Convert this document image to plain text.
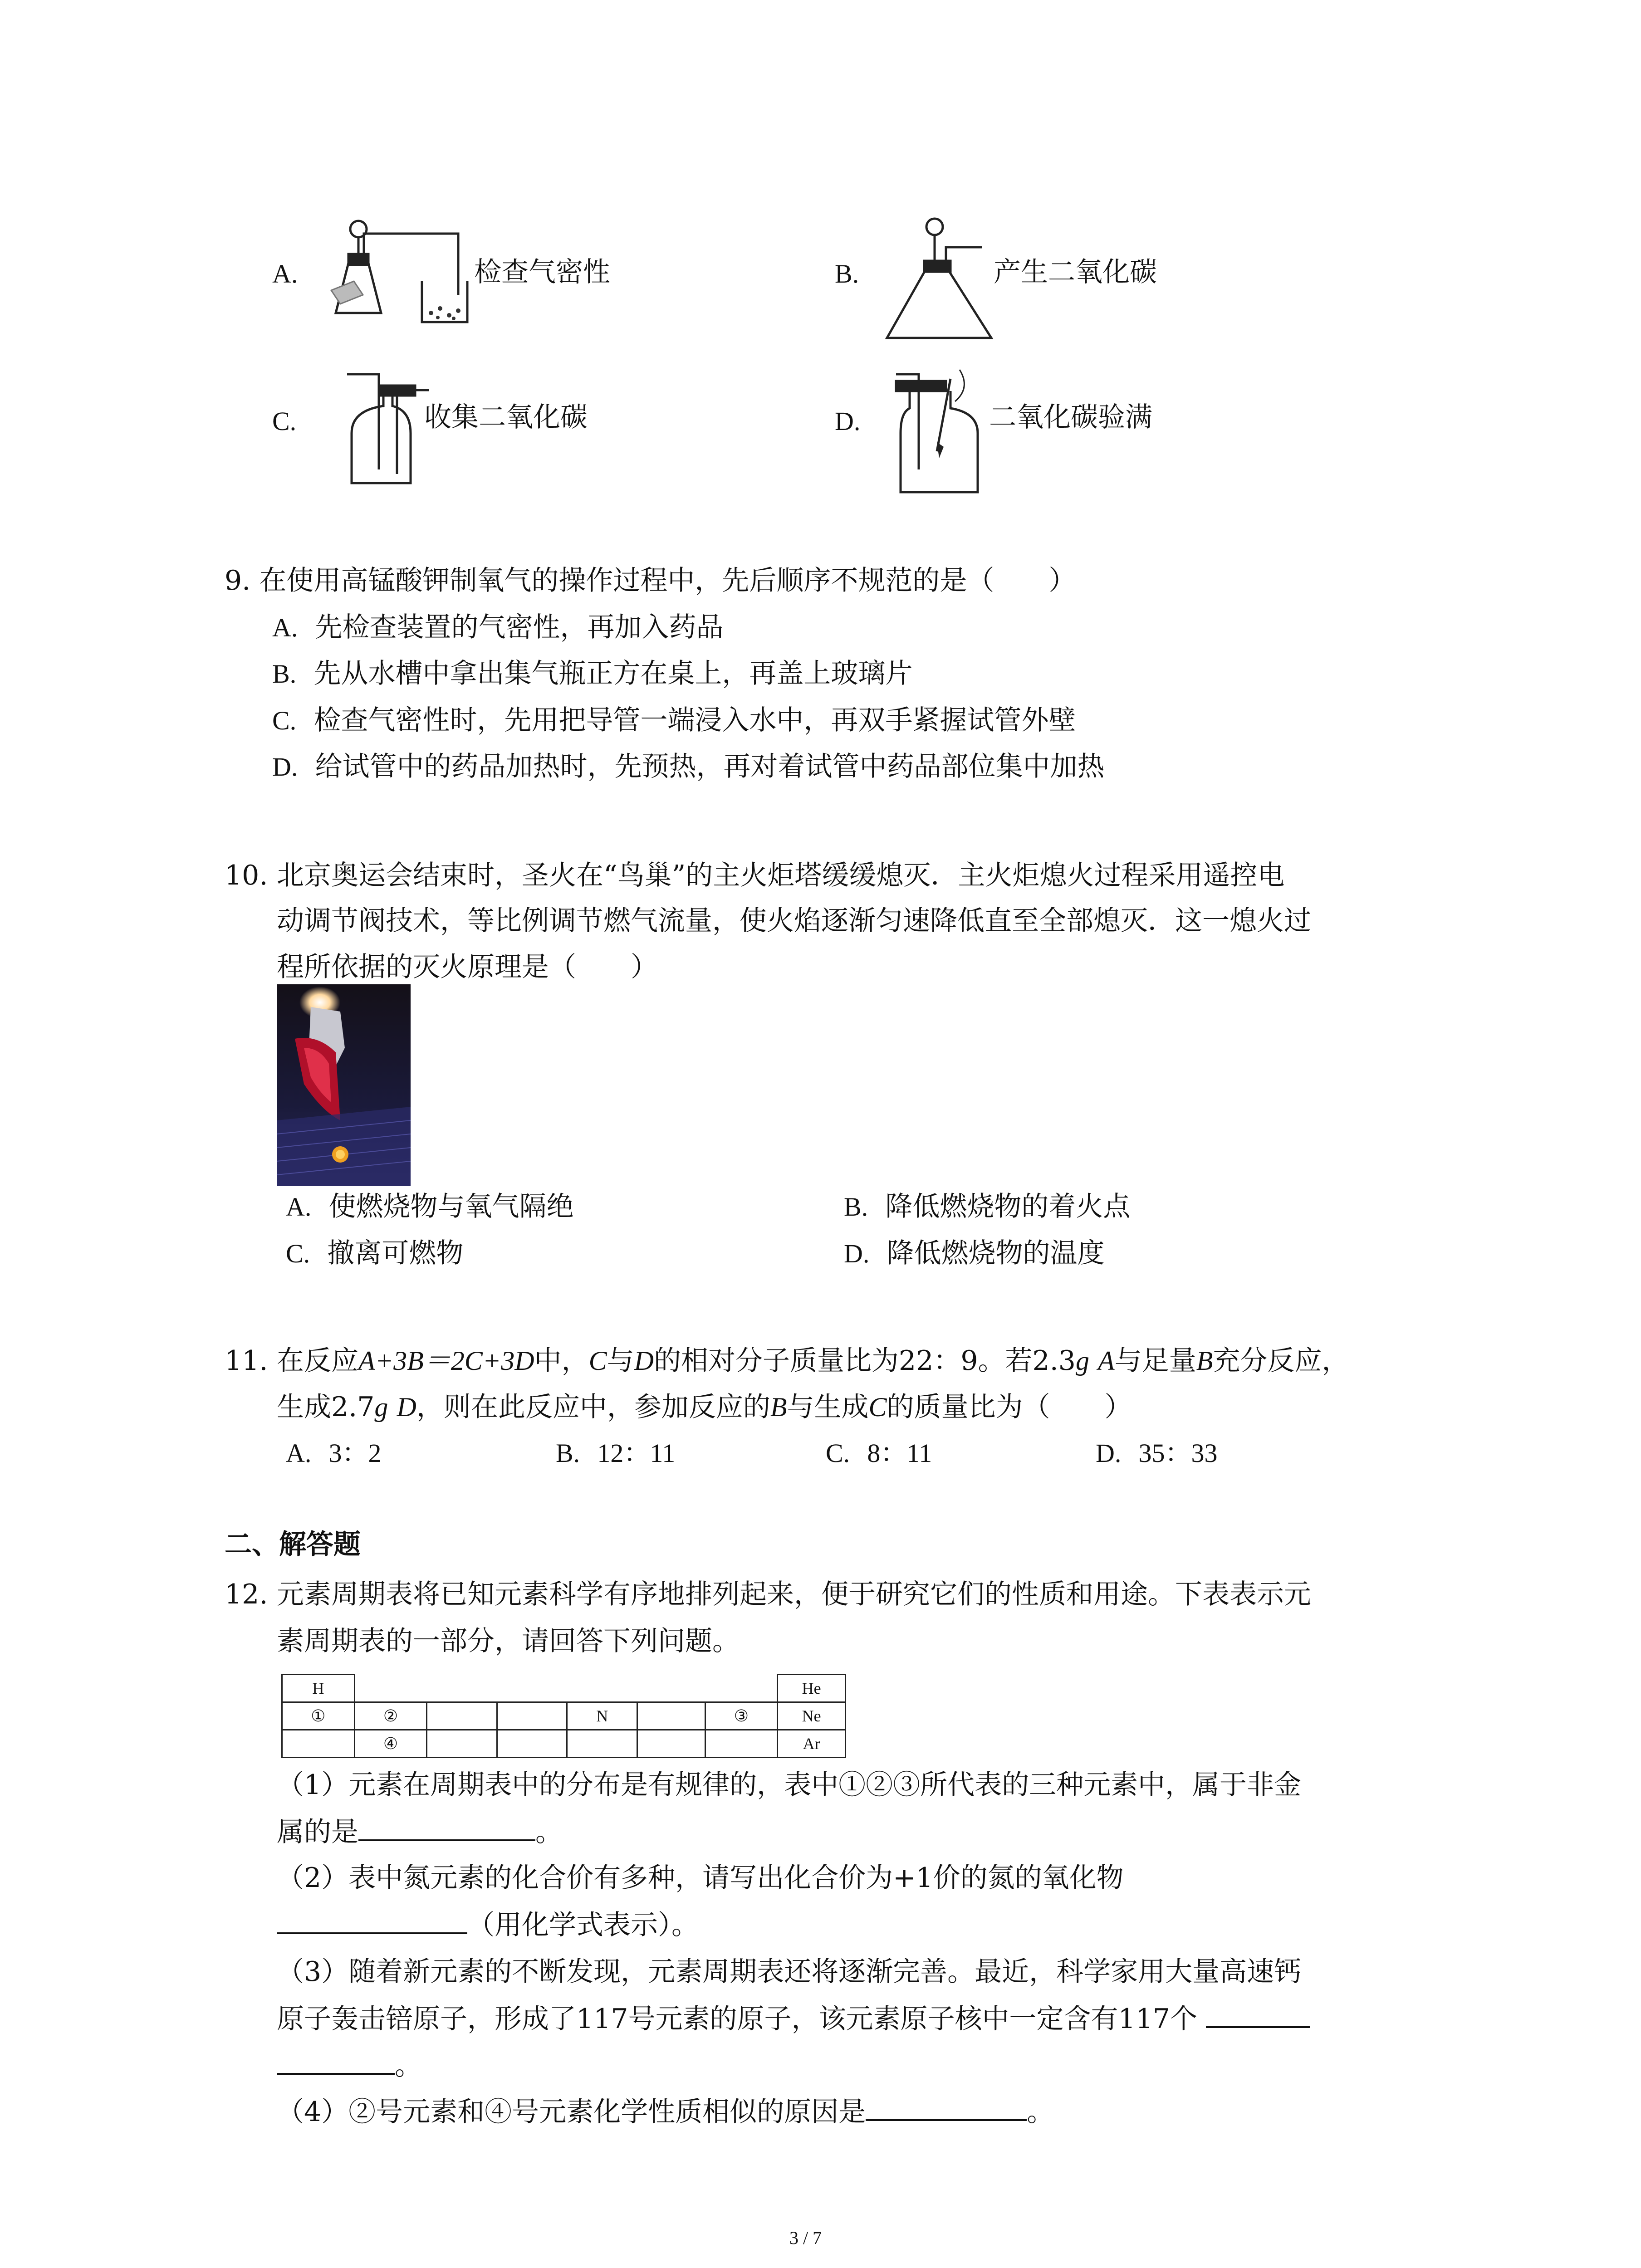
A.	检查气密性	B.	产生二氧化碳
C.	收集二氧化碳	D.	二氧化碳验满
9. 在使用高锰酸钾制氧气的操作过程中，先后顺序不规范的是（　　）
A. 先检查装置的气密性，再加入药品
B. 先从水槽中拿出集气瓶正方在桌上，再盖上玻璃片
C. 检查气密性时，先用把导管一端浸入水中，再双手紧握试管外壁
D. 给试管中的药品加热时，先预热，再对着试管中药品部位集中加热
10. 北京奥运会结束时，圣火在“鸟巢”的主火炬塔缓缓熄灭．主火炬熄火过程采用遥控电
动调节阀技术，等比例调节燃气流量，使火焰逐渐匀速降低直至全部熄灭．这一熄火过
程所依据的灭火原理是（　　）
A. 使燃烧物与氧气隔绝	B. 降低燃烧物的着火点
C. 撤离可燃物	D. 降低燃烧物的温度
11. 在反应A+3B＝2C+3D中，C与D的相对分子质量比为22：9。若2.3g A与足量B充分反应，
生成2.7g D，则在此反应中，参加反应的B与生成C的质量比为（　　）
A. 3：2	B. 12：11	C. 8：11	D. 35：33
二、解答题
12. 元素周期表将已知元素科学有序地排列起来，便于研究它们的性质和用途。下表表示元
素周期表的一部分，请回答下列问题。
H							He
①	②			N		③	Ne
	④						Ar
（1）元素在周期表中的分布是有规律的，表中①②③所代表的三种元素中，属于非金
属的是	。
（2）表中氮元素的化合价有多种，请写出化合价为+1价的氮的氧化物
（用化学式表示）。
（3）随着新元素的不断发现，元素周期表还将逐渐完善。最近，科学家用大量高速钙
原子轰击锫原子，形成了117号元素的原子，该元素原子核中一定含有117个
。
（4）②号元素和④号元素化学性质相似的原因是	。
3 / 7
